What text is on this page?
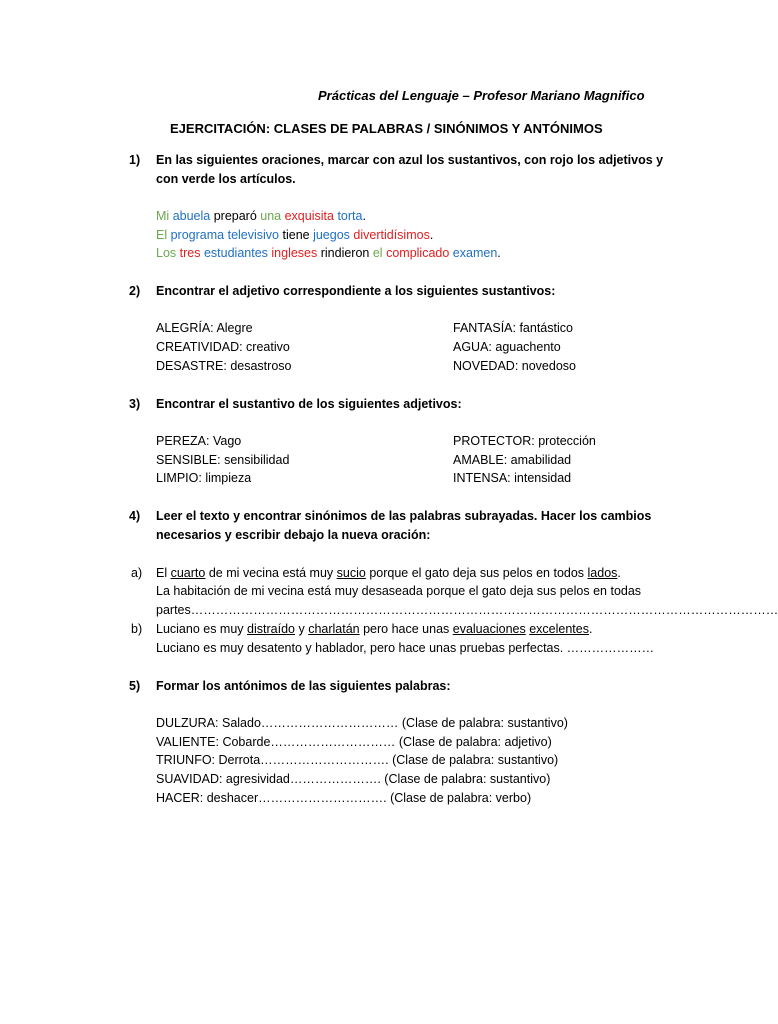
Prácticas del Lenguaje – Profesor Mariano Magnifico
EJERCITACIÓN: CLASES DE PALABRAS / SINÓNIMOS Y ANTÓNIMOS
1) En las siguientes oraciones, marcar con azul los sustantivos, con rojo los adjetivos y
con verde los artículos.
Mi abuela preparó una exquisita torta.
El programa televisivo tiene juegos divertidísimos.
Los tres estudiantes ingleses rindieron el complicado examen.
2) Encontrar el adjetivo correspondiente a los siguientes sustantivos:
ALEGRÍA: Alegre
CREATIVIDAD: creativo
DESASTRE: desastroso
FANTASÍA: fantástico
AGUA: aguachento
NOVEDAD: novedoso
3) Encontrar el sustantivo de los siguientes adjetivos:
PEREZA: Vago
SENSIBLE: sensibilidad
LIMPIO: limpieza
PROTECTOR: protección
AMABLE: amabilidad
INTENSA: intensidad
4) Leer el texto y encontrar sinónimos de las palabras subrayadas. Hacer los cambios
necesarios y escribir debajo la nueva oración:
a) El cuarto de mi vecina está muy sucio porque el gato deja sus pelos en todos lados.
La habitación de mi vecina está muy desaseada porque el gato deja sus pelos en todas
partes……………………………………………………………………………………………………………………………
b) Luciano es muy distraído y charlatán pero hace unas evaluaciones excelentes.
Luciano es muy desatento y hablador, pero hace unas pruebas perfectas. …………………
5) Formar los antónimos de las siguientes palabras:
DULZURA: Salado…………………………… (Clase de palabra: sustantivo)
VALIENTE: Cobarde………………………… (Clase de palabra: adjetivo)
TRIUNFO: Derrota…………………………. (Clase de palabra: sustantivo)
SUAVIDAD: agresividad…………………. (Clase de palabra: sustantivo)
HACER: deshacer…………………………. (Clase de palabra: verbo)
